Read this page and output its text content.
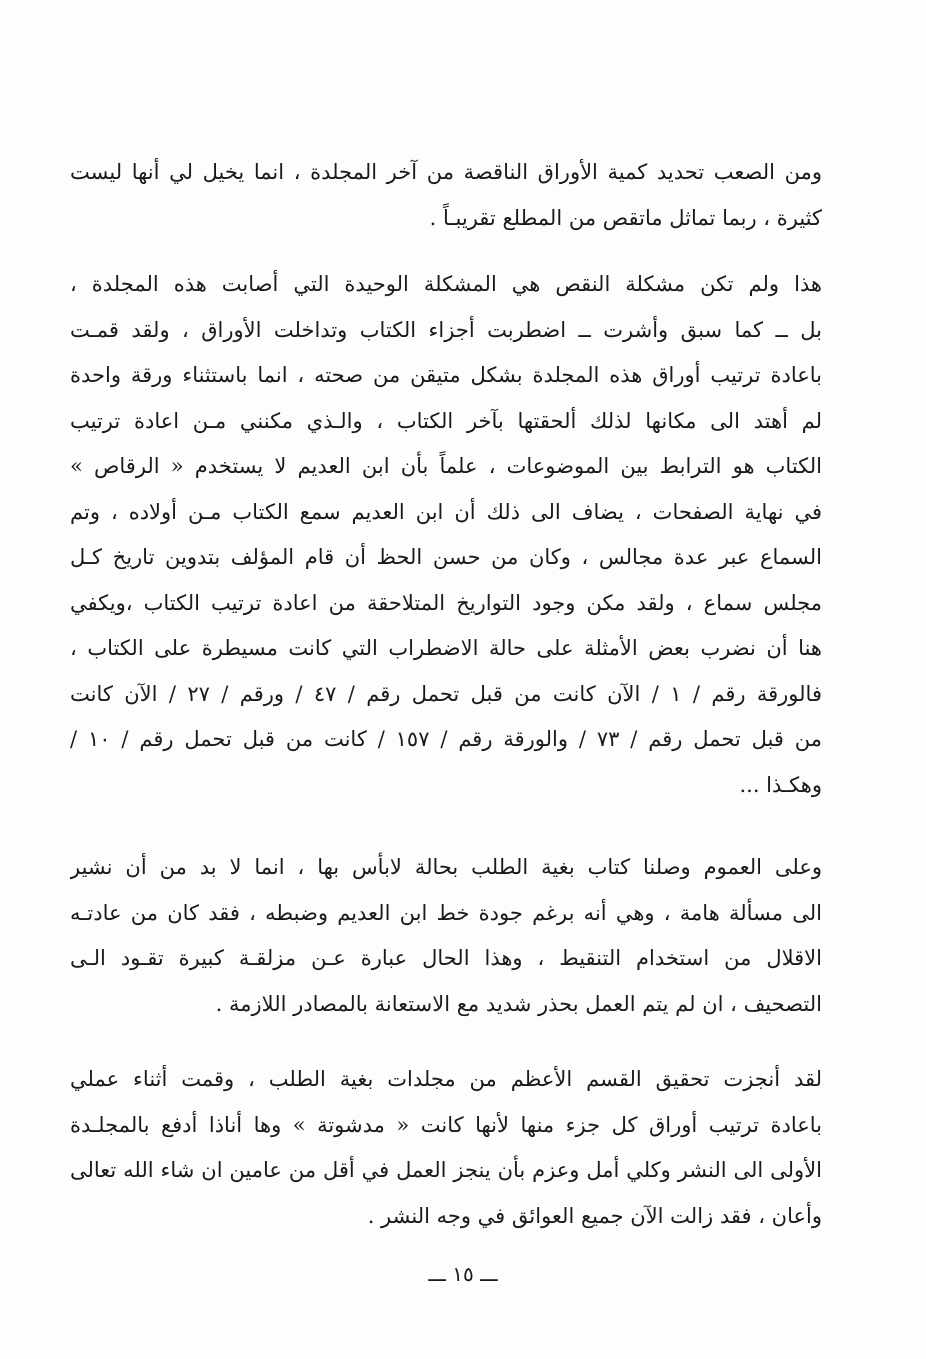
ومن الصعب تحديد كمية الأوراق الناقصة من آخر المجلدة ، انما يخيل لي أنها ليست
كثيرة ، ربما تماثل ماتقص من المطلع تقريبـاً .
هذا ولم تكن مشكلة النقص هي المشكلة الوحيدة التي أصابت هذه المجلدة ،
بل ــ كما سبق وأشرت ــ اضطربت أجزاء الكتاب وتداخلت الأوراق ، ولقد قمـت
باعادة ترتيب أوراق هذه المجلدة بشكل متيقن من صحته ، انما باستثناء ورقة واحدة
لم أهتد الى مكانها لذلك ألحقتها بآخر الكتاب ، والـذي مكنني مـن اعادة ترتيب
الكتاب هو الترابط بين الموضوعات ، علماً بأن ابن العديم لا يستخدم « الرقاص »
في نهاية الصفحات ، يضاف الى ذلك أن ابن العديم سمع الكتاب مـن أولاده ، وتم
السماع عبر عدة مجالس ، وكان من حسن الحظ أن قام المؤلف بتدوين تاريخ كـل
مجلس سماع ، ولقد مكن وجود التواريخ المتلاحقة من اعادة ترتيب الكتاب ،ويكفي
هنا أن نضرب بعض الأمثلة على حالة الاضطراب التي كانت مسيطرة على الكتاب ،
فالورقة رقم / ١ / الآن كانت من قبل تحمل رقم / ٤٧ / ورقم / ٢٧ / الآن كانت
من قبل تحمل رقم / ٧٣ / والورقة رقم / ١٥٧ / كانت من قبل تحمل رقم / ١٠ /
وهكـذا ...
وعلى العموم وصلنا كتاب بغية الطلب بحالة لابأس بها ، انما لا بد من أن نشير
الى مسألة هامة ، وهي أنه برغم جودة خط ابن العديم وضبطه ، فقد كان من عادتـه
الاقلال من استخدام التنقيط ، وهذا الحال عبارة عـن مزلقـة كبيرة تقـود الـى
التصحيف ، ان لم يتم العمل بحذر شديد مع الاستعانة بالمصادر اللازمة .
لقد أنجزت تحقيق القسم الأعظم من مجلدات بغية الطلب ، وقمت أثناء عملي
باعادة ترتيب أوراق كل جزء منها لأنها كانت « مدشوتة » وها أناذا أدفع بالمجلـدة
الأولى الى النشر وكلي أمل وعزم بأن ينجز العمل في أقل من عامين ان شاء الله تعالى
وأعان ، فقد زالت الآن جميع العوائق في وجه النشر .
ـــ ١٥ ـــ
